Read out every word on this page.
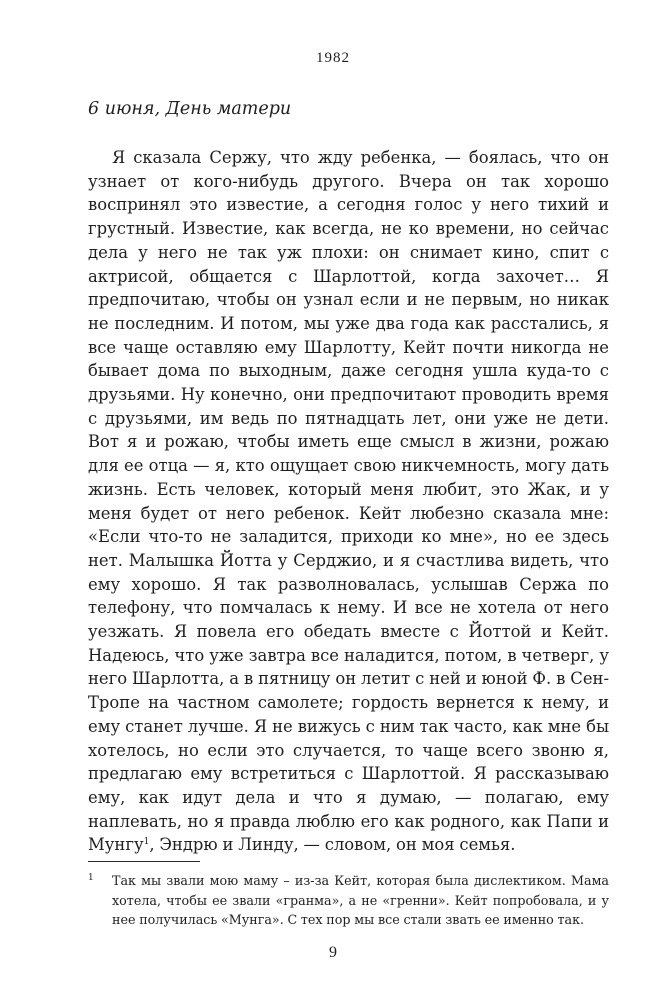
1982
6 июня, День матери

Я сказала Сержу, что жду ребенка, — боялась, что он узнает от кого-нибудь другого. Вчера он так хорошо воспринял это известие, а сегодня голос у него тихий и грустный. Известие, как всегда, не ко времени, но сейчас дела у него не так уж плохи: он снимает кино, спит с актрисой, общается с Шарлоттой, когда захочет… Я предпочитаю, чтобы он узнал если и не первым, но никак не последним. И потом, мы уже два года как расстались, я все чаще оставляю ему Шарлотту, Кейт почти никогда не бывает дома по выходным, даже сегодня ушла куда-то с друзьями. Ну конечно, они предпочитают проводить время с друзьями, им ведь по пятнадцать лет, они уже не дети. Вот я и рожаю, чтобы иметь еще смысл в жизни, рожаю для ее отца — я, кто ощущает свою никчемность, могу дать жизнь. Есть человек, который меня любит, это Жак, и у меня будет от него ребенок. Кейт любезно сказала мне: «Если что-то не заладится, приходи ко мне», но ее здесь нет. Малышка Йотта у Серджио, и я счастлива видеть, что ему хорошо. Я так разволновалась, услышав Сержа по телефону, что помчалась к нему. И все не хотела от него уезжать. Я повела его обедать вместе с Йоттой и Кейт. Надеюсь, что уже завтра все наладится, потом, в четверг, у него Шарлотта, а в пятницу он летит с ней и юной Ф. в Сен-Тропе на частном самолете; гордость вернется к нему, и ему станет лучше. Я не вижусь с ним так часто, как мне бы хотелось, но если это случается, то чаще всего звоню я, предлагаю ему встретиться с Шарлоттой. Я рассказываю ему, как идут дела и что я думаю, — полагаю, ему наплевать, но я правда люблю его как родного, как Папи и Мунгу$^1$, Эндрю и Линду, — словом, он моя семья.

1 Так мы звали мою маму – из-за Кейт, которая была дислектиком. Мама хотела, чтобы ее звали «гранма», а не «гренни». Кейт попробовала, и у нее получилась «Мунга». С тех пор мы все стали звать ее именно так.

9
